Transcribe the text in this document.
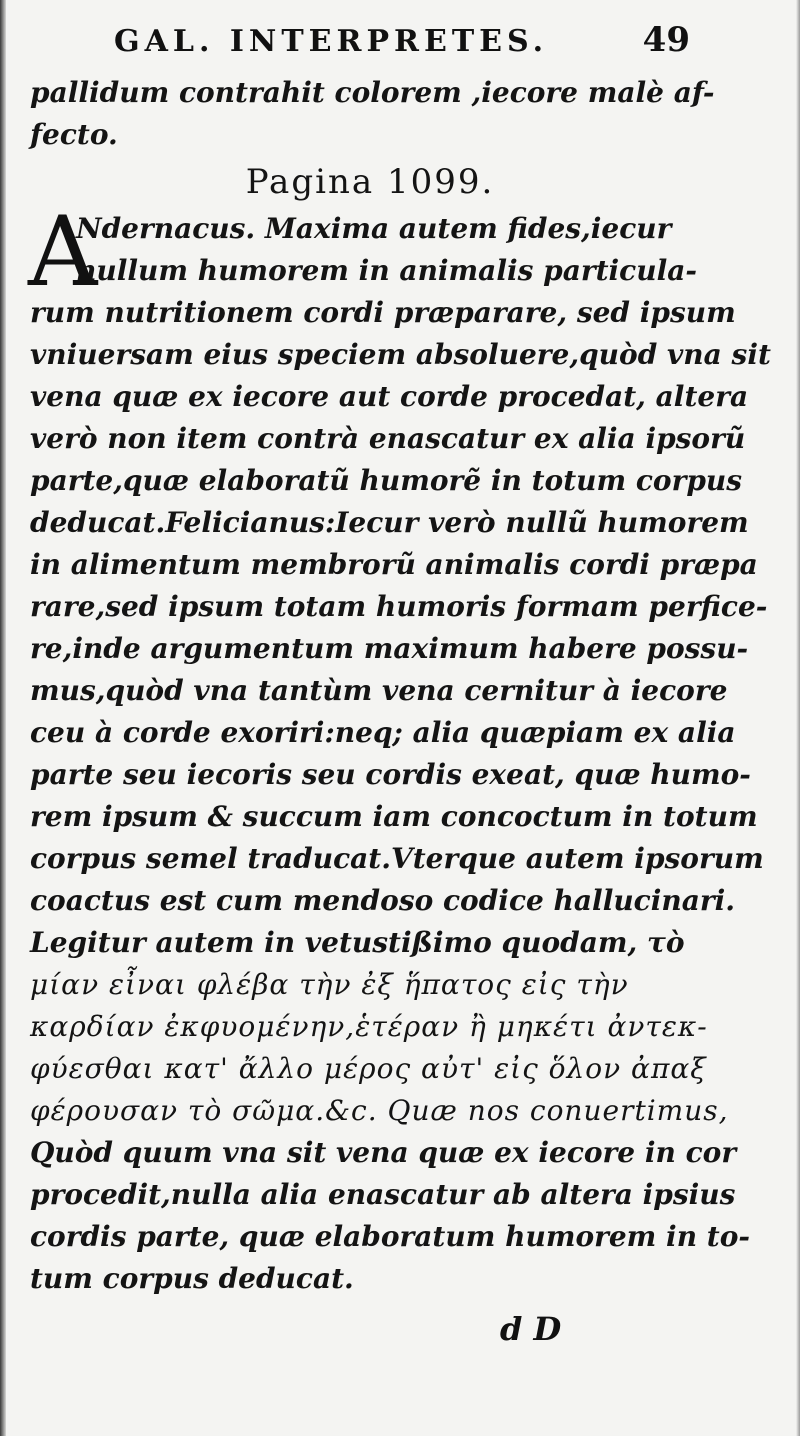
GAL. INTERPRETES.	49
pallidum contrahit colorem ,iecore malè af-
fecto.
Pagina 1099.
A
Ndernacus. Maxima autem fides,iecur
nullum humorem in animalis particula-
rum nutritionem cordi præparare, sed ipsum
vniuersam eius speciem absoluere,quòd vna sit
vena quæ ex iecore aut corde procedat, altera
verò non item contrà enascatur ex alia ipsorũ
parte,quæ elaboratũ humorẽ in totum corpus
deducat.Felicianus:Iecur verò nullũ humorem
in alimentum membrorũ animalis cordi præpa
rare,sed ipsum totam humoris formam perfice-
re,inde argumentum maximum habere possu-
mus,quòd vna tantùm vena cernitur à iecore
ceu à corde exoriri:neq; alia quæpiam ex alia
parte seu iecoris seu cordis exeat, quæ humo-
rem ipsum & succum iam concoctum in totum
corpus semel traducat.Vterque autem ipsorum
coactus est cum mendoso codice hallucinari.
Legitur autem in vetustißimo quodam, τὸ
μίαν εἶναι φλέβα τὴν ἐξ ἥπατος εἰς τὴν
καρδίαν ἐκφυομένην,ἑτέραν ἢ μηκέτι ἀντεκ-
φύεσθαι κατ' ἄλλο μέρος αὐτ' εἰς ὅλον ἀπαξ
φέρουσαν τὸ σῶμα.&c. Quæ nos conuertimus,
Quòd quum vna sit vena quæ ex iecore in cor
procedit,nulla alia enascatur ab altera ipsius
cordis parte, quæ elaboratum humorem in to-
tum corpus deducat.
d D
